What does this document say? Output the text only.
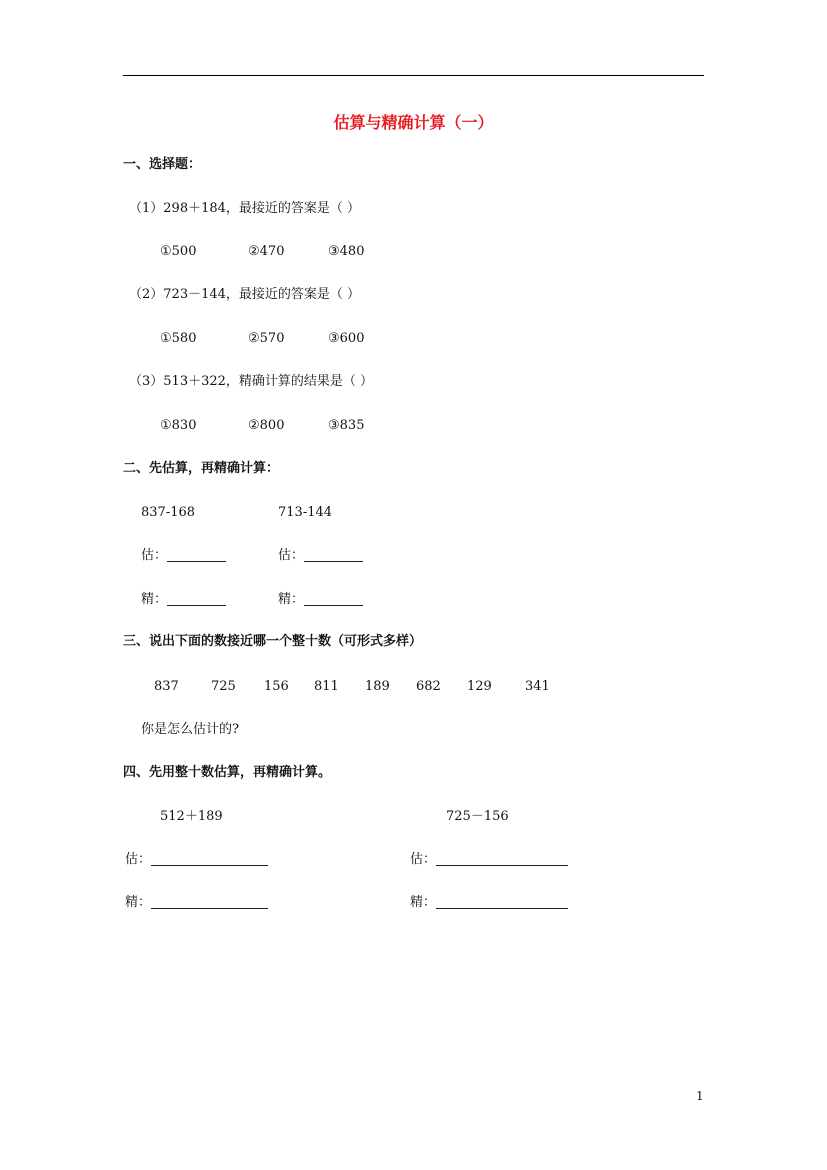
估算与精确计算（一）
一、选择题：
（1）298＋184，最接近的答案是（ ）
①500	②470	③480
（2）723－144，最接近的答案是（ ）
①580	②570	③600
（3）513＋322，精确计算的结果是（ ）
①830	②800	③835
二、先估算，再精确计算：
837-168	713-144
估：	估：
精：	精：
三、说出下面的数接近哪一个整十数（可形式多样）
837 725 156 811 189 682 129	341
你是怎么估计的?
四、先用整十数估算，再精确计算。
512＋189	725－156
估：	估：
精：	精：
1
